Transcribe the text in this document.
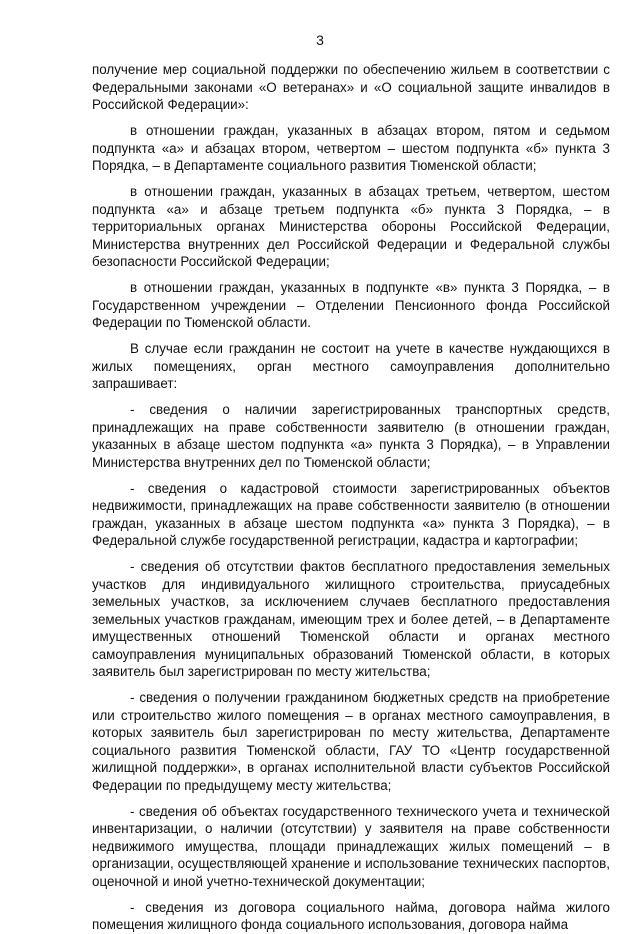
3

получение мер социальной поддержки по обеспечению жильем в соответствии с Федеральными законами «О ветеранах» и «О социальной защите инвалидов в Российской Федерации»:

в отношении граждан, указанных в абзацах втором, пятом и седьмом подпункта «а» и абзацах втором, четвертом – шестом подпункта «б» пункта 3 Порядка, – в Департаменте социального развития Тюменской области;

в отношении граждан, указанных в абзацах третьем, четвертом, шестом подпункта «а» и абзаце третьем подпункта «б» пункта 3 Порядка, – в территориальных органах Министерства обороны Российской Федерации, Министерства внутренних дел Российской Федерации и Федеральной службы безопасности Российской Федерации;

в отношении граждан, указанных в подпункте «в» пункта 3 Порядка, – в Государственном учреждении – Отделении Пенсионного фонда Российской Федерации по Тюменской области.

В случае если гражданин не состоит на учете в качестве нуждающихся в жилых помещениях, орган местного самоуправления дополнительно запрашивает:

- сведения о наличии зарегистрированных транспортных средств, принадлежащих на праве собственности заявителю (в отношении граждан, указанных в абзаце шестом подпункта «а» пункта 3 Порядка), – в Управлении Министерства внутренних дел по Тюменской области;

- сведения о кадастровой стоимости зарегистрированных объектов недвижимости, принадлежащих на праве собственности заявителю (в отношении граждан, указанных в абзаце шестом подпункта «а» пункта 3 Порядка), – в Федеральной службе государственной регистрации, кадастра и картографии;

- сведения об отсутствии фактов бесплатного предоставления земельных участков для индивидуального жилищного строительства, приусадебных земельных участков, за исключением случаев бесплатного предоставления земельных участков гражданам, имеющим трех и более детей, – в Департаменте имущественных отношений Тюменской области и органах местного самоуправления муниципальных образований Тюменской области, в которых заявитель был зарегистрирован по месту жительства;

- сведения о получении гражданином бюджетных средств на приобретение или строительство жилого помещения – в органах местного самоуправления, в которых заявитель был зарегистрирован по месту жительства, Департаменте социального развития Тюменской области, ГАУ ТО «Центр государственной жилищной поддержки», в органах исполнительной власти субъектов Российской Федерации по предыдущему месту жительства;

- сведения об объектах государственного технического учета и технической инвентаризации, о наличии (отсутствии) у заявителя на праве собственности недвижимого имущества, площади принадлежащих жилых помещений – в организации, осуществляющей хранение и использование технических паспортов, оценочной и иной учетно-технической документации;

- сведения из договора социального найма, договора найма жилого помещения жилищного фонда социального использования, договора найма
